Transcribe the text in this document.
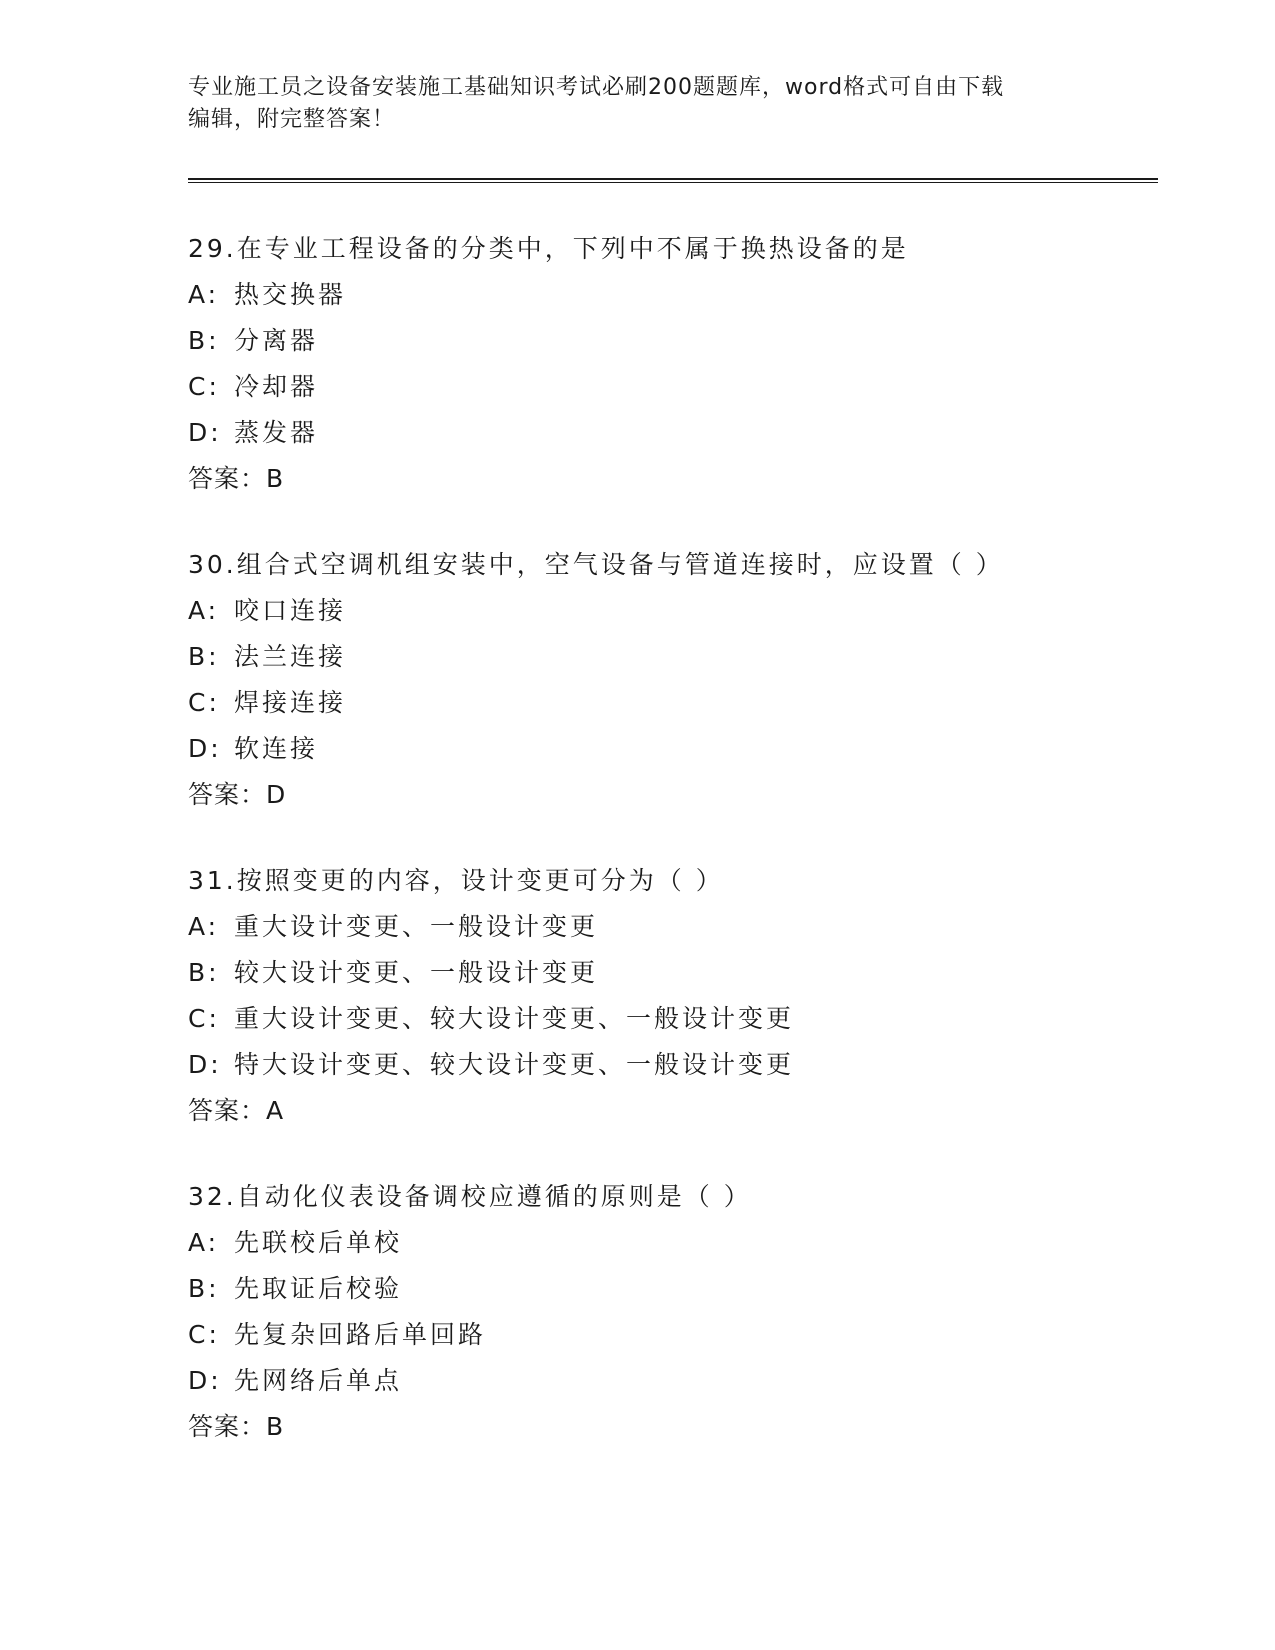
专业施工员之设备安装施工基础知识考试必刷200题题库，word格式可自由下载
编辑，附完整答案！
29.在专业工程设备的分类中，下列中不属于换热设备的是
A: 热交换器
B: 分离器
C: 冷却器
D: 蒸发器
答案：B
30.组合式空调机组安装中，空气设备与管道连接时，应设置（ ）
A: 咬口连接
B: 法兰连接
C: 焊接连接
D: 软连接
答案：D
31.按照变更的内容，设计变更可分为（ ）
A: 重大设计变更、一般设计变更
B: 较大设计变更、一般设计变更
C: 重大设计变更、较大设计变更、一般设计变更
D: 特大设计变更、较大设计变更、一般设计变更
答案：A
32.自动化仪表设备调校应遵循的原则是（ ）
A: 先联校后单校
B: 先取证后校验
C: 先复杂回路后单回路
D: 先网络后单点
答案：B
